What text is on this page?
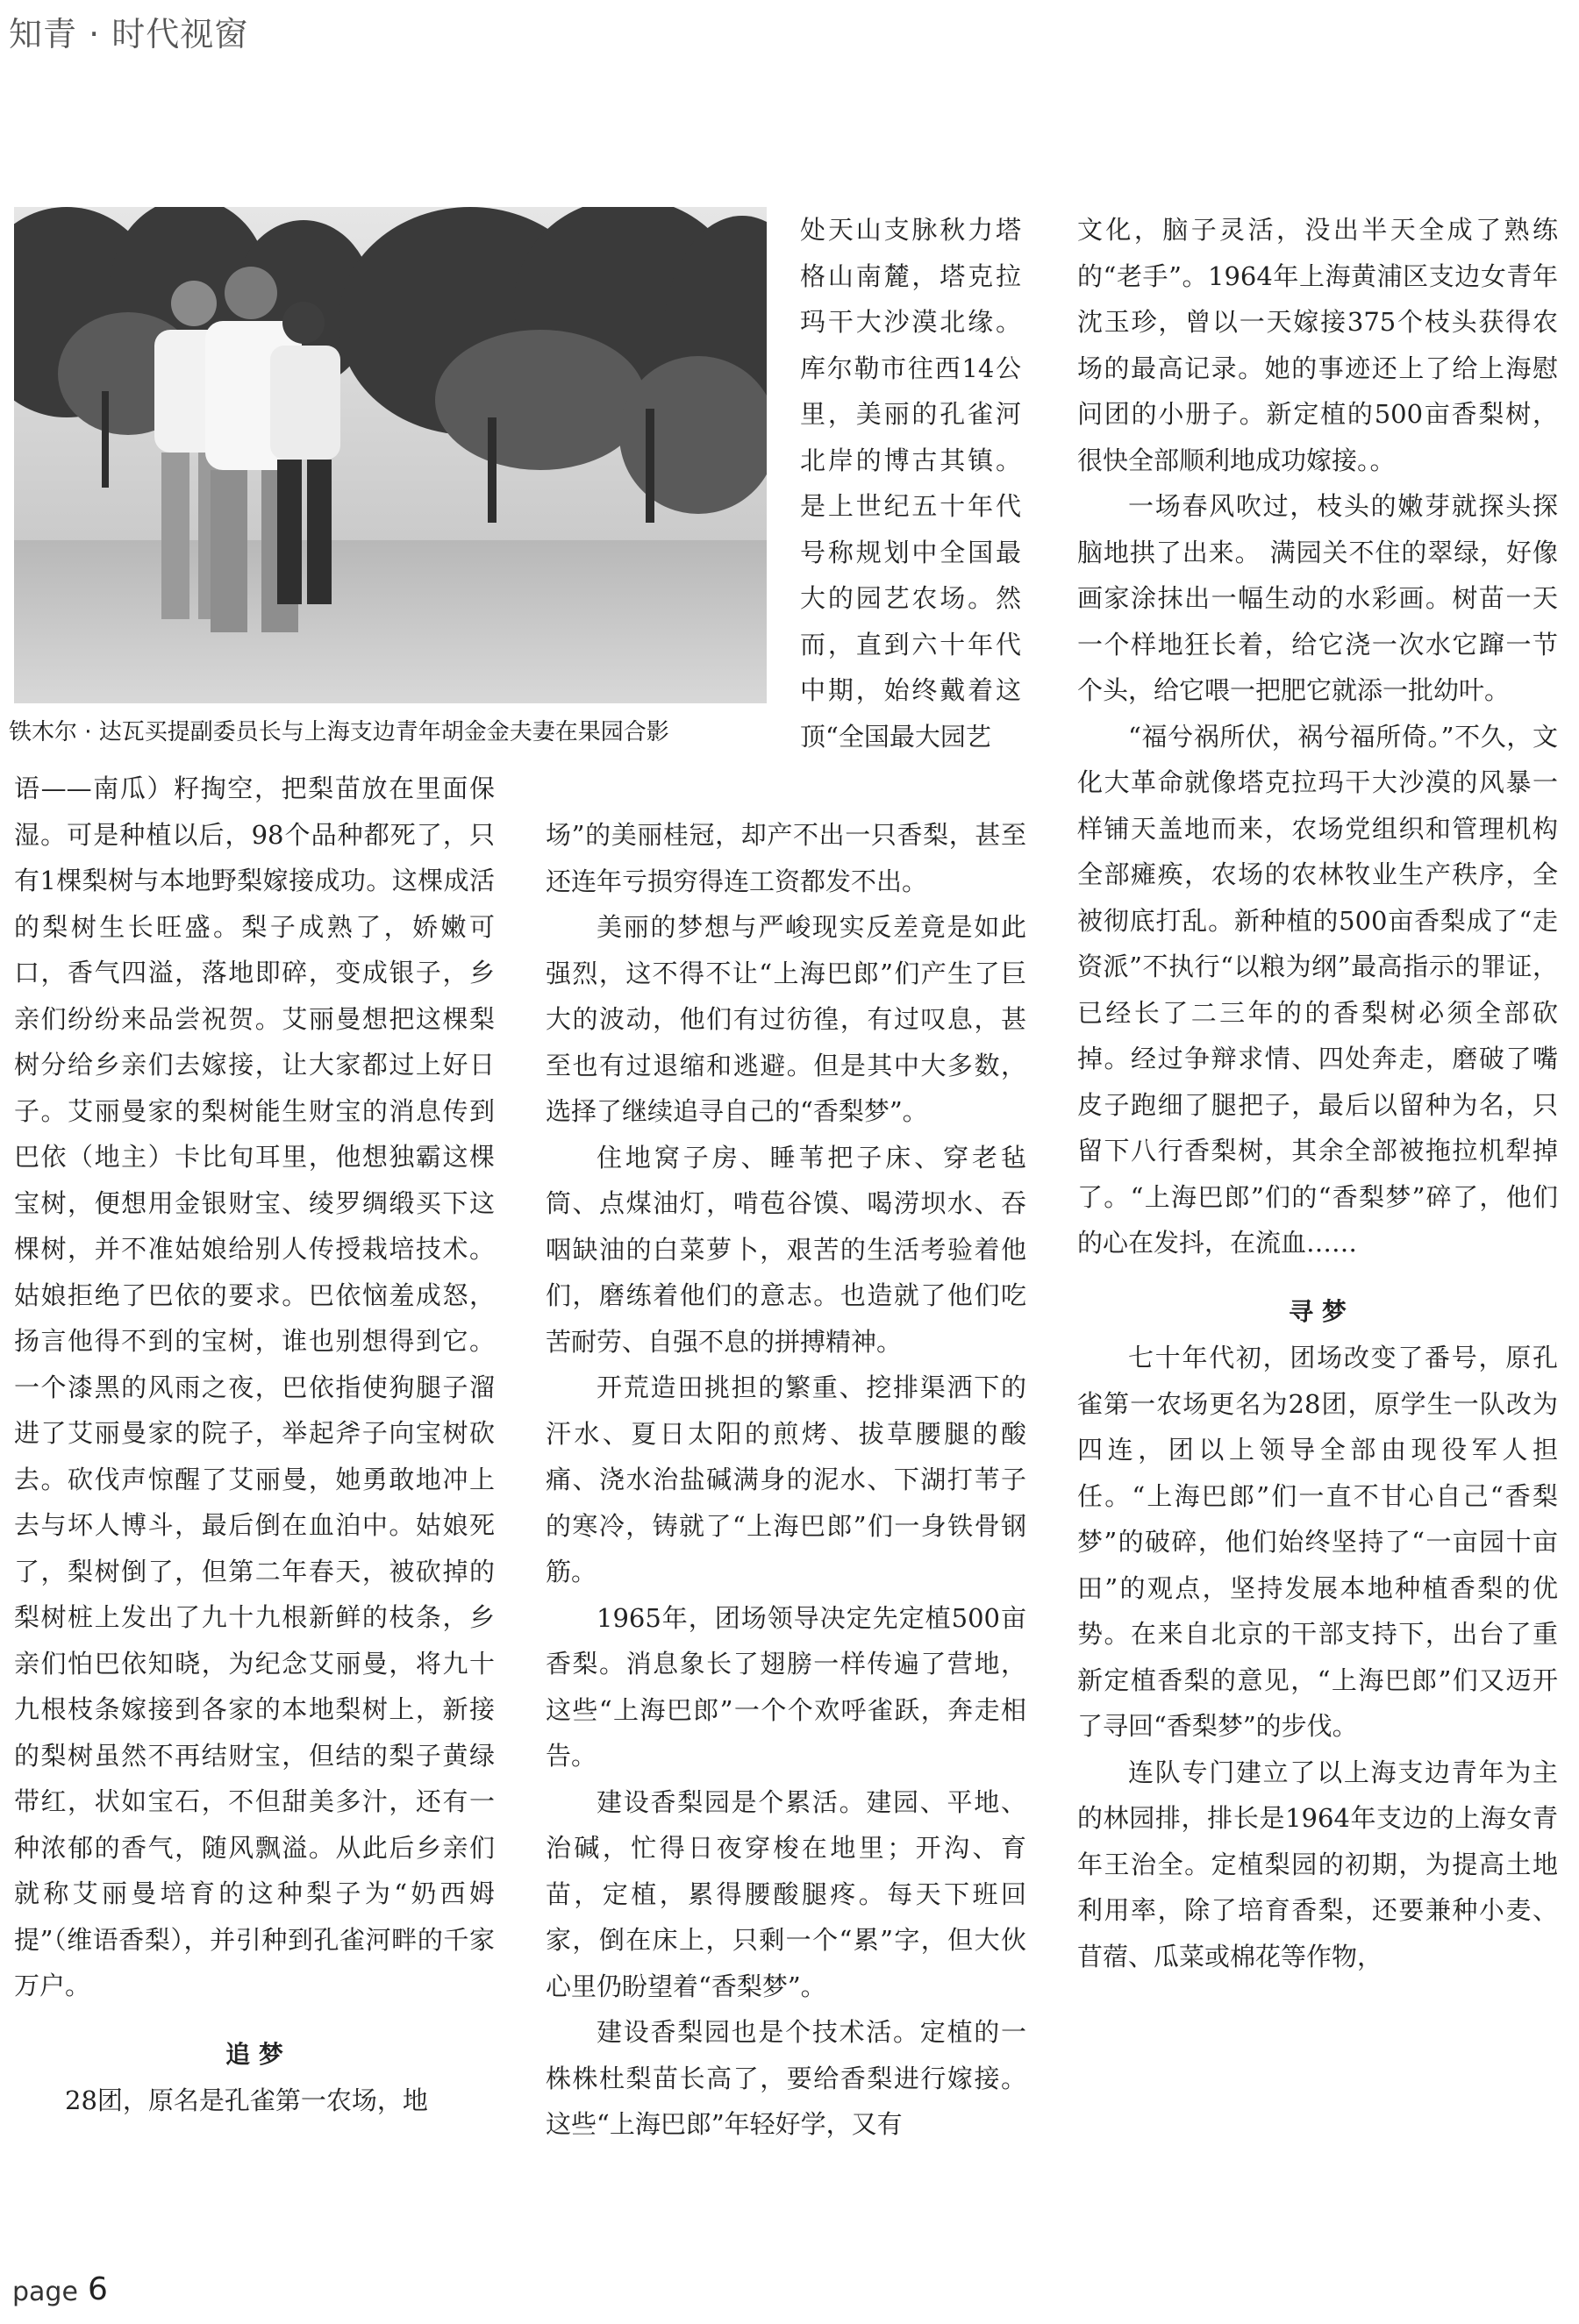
知青 · 时代视窗
铁木尔 · 达瓦买提副委员长与上海支边青年胡金金夫妻在果园合影

语——南瓜）籽掏空，把梨苗放在里面保湿。可是种植以后，98个品种都死了，只有1棵梨树与本地野梨嫁接成功。这棵成活的梨树生长旺盛。梨子成熟了，娇嫩可口，香气四溢，落地即碎，变成银子，乡亲们纷纷来品尝祝贺。艾丽曼想把这棵梨树分给乡亲们去嫁接，让大家都过上好日子。艾丽曼家的梨树能生财宝的消息传到巴依（地主）卡比旬耳里，他想独霸这棵宝树，便想用金银财宝、绫罗绸缎买下这棵树，并不准姑娘给别人传授栽培技术。姑娘拒绝了巴依的要求。巴依恼羞成怒，扬言他得不到的宝树，谁也别想得到它。一个漆黑的风雨之夜，巴依指使狗腿子溜进了艾丽曼家的院子，举起斧子向宝树砍去。砍伐声惊醒了艾丽曼，她勇敢地冲上去与坏人博斗，最后倒在血泊中。姑娘死了，梨树倒了，但第二年春天，被砍掉的梨树桩上发出了九十九根新鲜的枝条，乡亲们怕巴依知晓，为纪念艾丽曼，将九十九根枝条嫁接到各家的本地梨树上，新接的梨树虽然不再结财宝，但结的梨子黄绿带红，状如宝石，不但甜美多汁，还有一种浓郁的香气，随风飘溢。从此后乡亲们就称艾丽曼培育的这种梨子为“奶西姆提”（维语香梨），并引种到孔雀河畔的千家万户。

追 梦

28团，原名是孔雀第一农场，地

处天山支脉秋力塔格山南麓，塔克拉玛干大沙漠北缘。库尔勒市往西14公里，美丽的孔雀河北岸的博古其镇。是上世纪五十年代号称规划中全国最大的园艺农场。然而，直到六十年代中期，始终戴着这顶“全国最大园艺

场”的美丽桂冠，却产不出一只香梨，甚至还连年亏损穷得连工资都发不出。

美丽的梦想与严峻现实反差竟是如此强烈，这不得不让“上海巴郎”们产生了巨大的波动，他们有过彷徨，有过叹息，甚至也有过退缩和逃避。但是其中大多数，选择了继续追寻自己的“香梨梦”。

住地窝子房、睡苇把子床、穿老毡筒、点煤油灯，啃苞谷馍、喝涝坝水、吞咽缺油的白菜萝卜，艰苦的生活考验着他们，磨练着他们的意志。也造就了他们吃苦耐劳、自强不息的拼搏精神。

开荒造田挑担的繁重、挖排渠洒下的汗水、夏日太阳的煎烤、拔草腰腿的酸痛、浇水治盐碱满身的泥水、下湖打苇子的寒冷，铸就了“上海巴郎”们一身铁骨钢筋。

1965年，团场领导决定先定植500亩香梨。消息象长了翅膀一样传遍了营地，这些“上海巴郎”一个个欢呼雀跃，奔走相告。

建设香梨园是个累活。建园、平地、治碱，忙得日夜穿梭在地里；开沟、育苗，定植，累得腰酸腿疼。每天下班回家，倒在床上，只剩一个“累”字，但大伙心里仍盼望着“香梨梦”。

建设香梨园也是个技术活。定植的一株株杜梨苗长高了，要给香梨进行嫁接。这些“上海巴郎”年轻好学，又有

文化，脑子灵活，没出半天全成了熟练的“老手”。1964年上海黄浦区支边女青年沈玉珍，曾以一天嫁接375个枝头获得农场的最高记录。她的事迹还上了给上海慰问团的小册子。新定植的500亩香梨树，很快全部顺利地成功嫁接。。

一场春风吹过，枝头的嫩芽就探头探脑地拱了出来。 满园关不住的翠绿，好像画家涂抹出一幅生动的水彩画。树苗一天一个样地狂长着，给它浇一次水它蹿一节个头，给它喂一把肥它就添一批幼叶。

“福兮祸所伏，祸兮福所倚。”不久，文化大革命就像塔克拉玛干大沙漠的风暴一样铺天盖地而来，农场党组织和管理机构全部瘫痪，农场的农林牧业生产秩序，全被彻底打乱。新种植的500亩香梨成了“走资派”不执行“以粮为纲”最高指示的罪证，已经长了二三年的的香梨树必须全部砍掉。经过争辩求情、四处奔走，磨破了嘴皮子跑细了腿把子，最后以留种为名，只留下八行香梨树，其余全部被拖拉机犁掉了。“上海巴郎”们的“香梨梦”碎了，他们的心在发抖，在流血……

寻 梦

七十年代初，团场改变了番号，原孔雀第一农场更名为28团，原学生一队改为四连，团以上领导全部由现役军人担任。“上海巴郎”们一直不甘心自己“香梨梦”的破碎，他们始终坚持了“一亩园十亩田”的观点，坚持发展本地种植香梨的优势。在来自北京的干部支持下，出台了重新定植香梨的意见，“上海巴郎”们又迈开了寻回“香梨梦”的步伐。

连队专门建立了以上海支边青年为主的林园排，排长是1964年支边的上海女青年王治全。定植梨园的初期，为提高土地利用率，除了培育香梨，还要兼种小麦、苜蓿、瓜菜或棉花等作物，

page 6
